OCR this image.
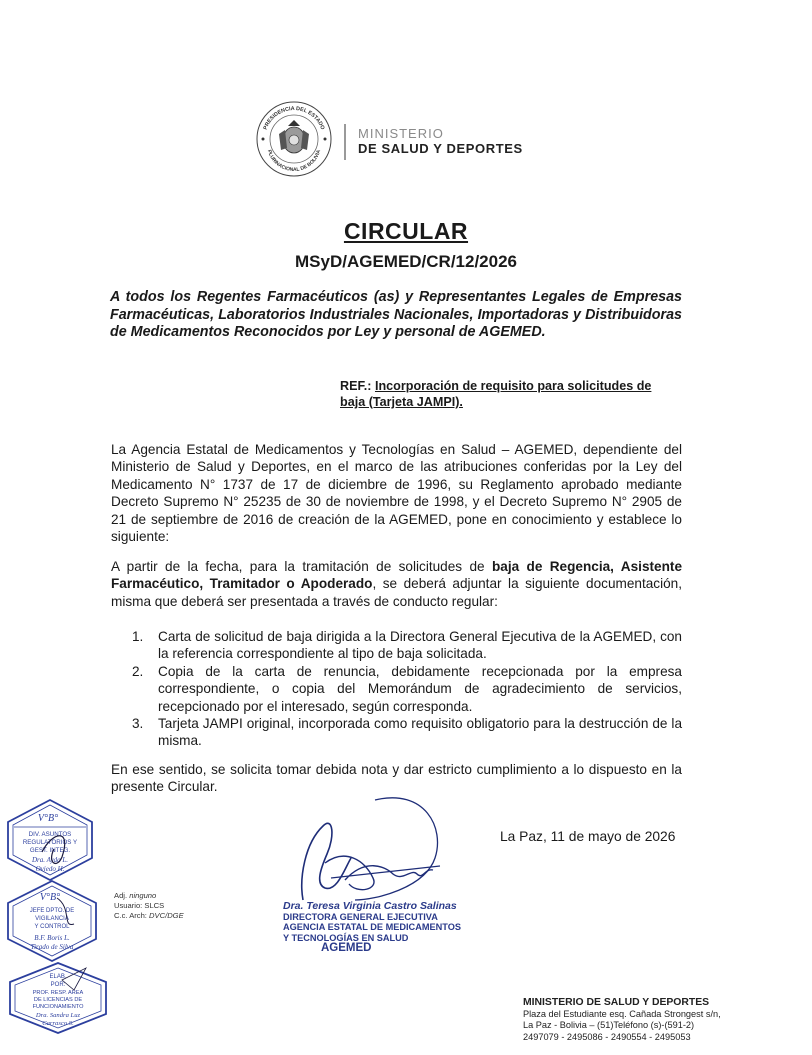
PRESIDENCIA DEL ESTADO
PLURINACIONAL DE BOLIVIA
MINISTERIO
DE SALUD Y DEPORTES
CIRCULAR
MSyD/AGEMED/CR/12/2026
A todos los Regentes Farmacéuticos (as) y Representantes Legales de Empresas Farmacéuticas, Laboratorios Industriales Nacionales, Importadoras y Distribuidoras de Medicamentos Reconocidos por Ley y personal de AGEMED.
REF.: Incorporación de requisito para solicitudes de baja (Tarjeta JAMPI).
La Agencia Estatal de Medicamentos y Tecnologías en Salud – AGEMED, dependiente del Ministerio de Salud y Deportes, en el marco de las atribuciones conferidas por la Ley del Medicamento N° 1737 de 17 de diciembre de 1996, su Reglamento aprobado mediante Decreto Supremo N° 25235 de 30 de noviembre de 1998, y el Decreto Supremo N° 2905 de 21 de septiembre de 2016 de creación de la AGEMED, pone en conocimiento y establece lo siguiente:
A partir de la fecha, para la tramitación de solicitudes de baja de Regencia, Asistente Farmacéutico, Tramitador o Apoderado, se deberá adjuntar la siguiente documentación, misma que deberá ser presentada a través de conducto regular:
1. Carta de solicitud de baja dirigida a la Directora General Ejecutiva de la AGEMED, con la referencia correspondiente al tipo de baja solicitada.
2. Copia de la carta de renuncia, debidamente recepcionada por la empresa correspondiente, o copia del Memorándum de agradecimiento de servicios, recepcionado por el interesado, según corresponda.
3. Tarjeta JAMPI original, incorporada como requisito obligatorio para la destrucción de la misma.
En ese sentido, se solicita tomar debida nota y dar estricto cumplimiento a lo dispuesto en la presente Circular.
La Paz, 11 de mayo de 2026
Adj. ninguno
Usuario: SLCS
C.c. Arch: DVC/DGE
V°B°
DIV. ASUNTOS
REGULATORIOS Y
GEST. INTEG.
Dra. Ayda L.
Oviedo H.
V°B°
JEFE DPTO. DE
VIGILANCIA
Y CONTROL
B.F. Boris L.
Tirado de Silva
ELAB.
POR:
PROF. RESP. AREA
DE LICENCIAS DE
FUNCIONAMIENTO
Dra. Sandra Luz
Carrasco S.
Dra. Teresa Virginia Castro Salinas
DIRECTORA GENERAL EJECUTIVA
AGENCIA ESTATAL DE MEDICAMENTOS
Y TECNOLOGÍAS EN SALUD
AGEMED
MINISTERIO DE SALUD Y DEPORTES
Plaza del Estudiante esq. Cañada Strongest s/n,
La Paz - Bolivia – (51)Teléfono (s)-(591-2)
2497079 - 2495086 - 2490554 - 2495053
